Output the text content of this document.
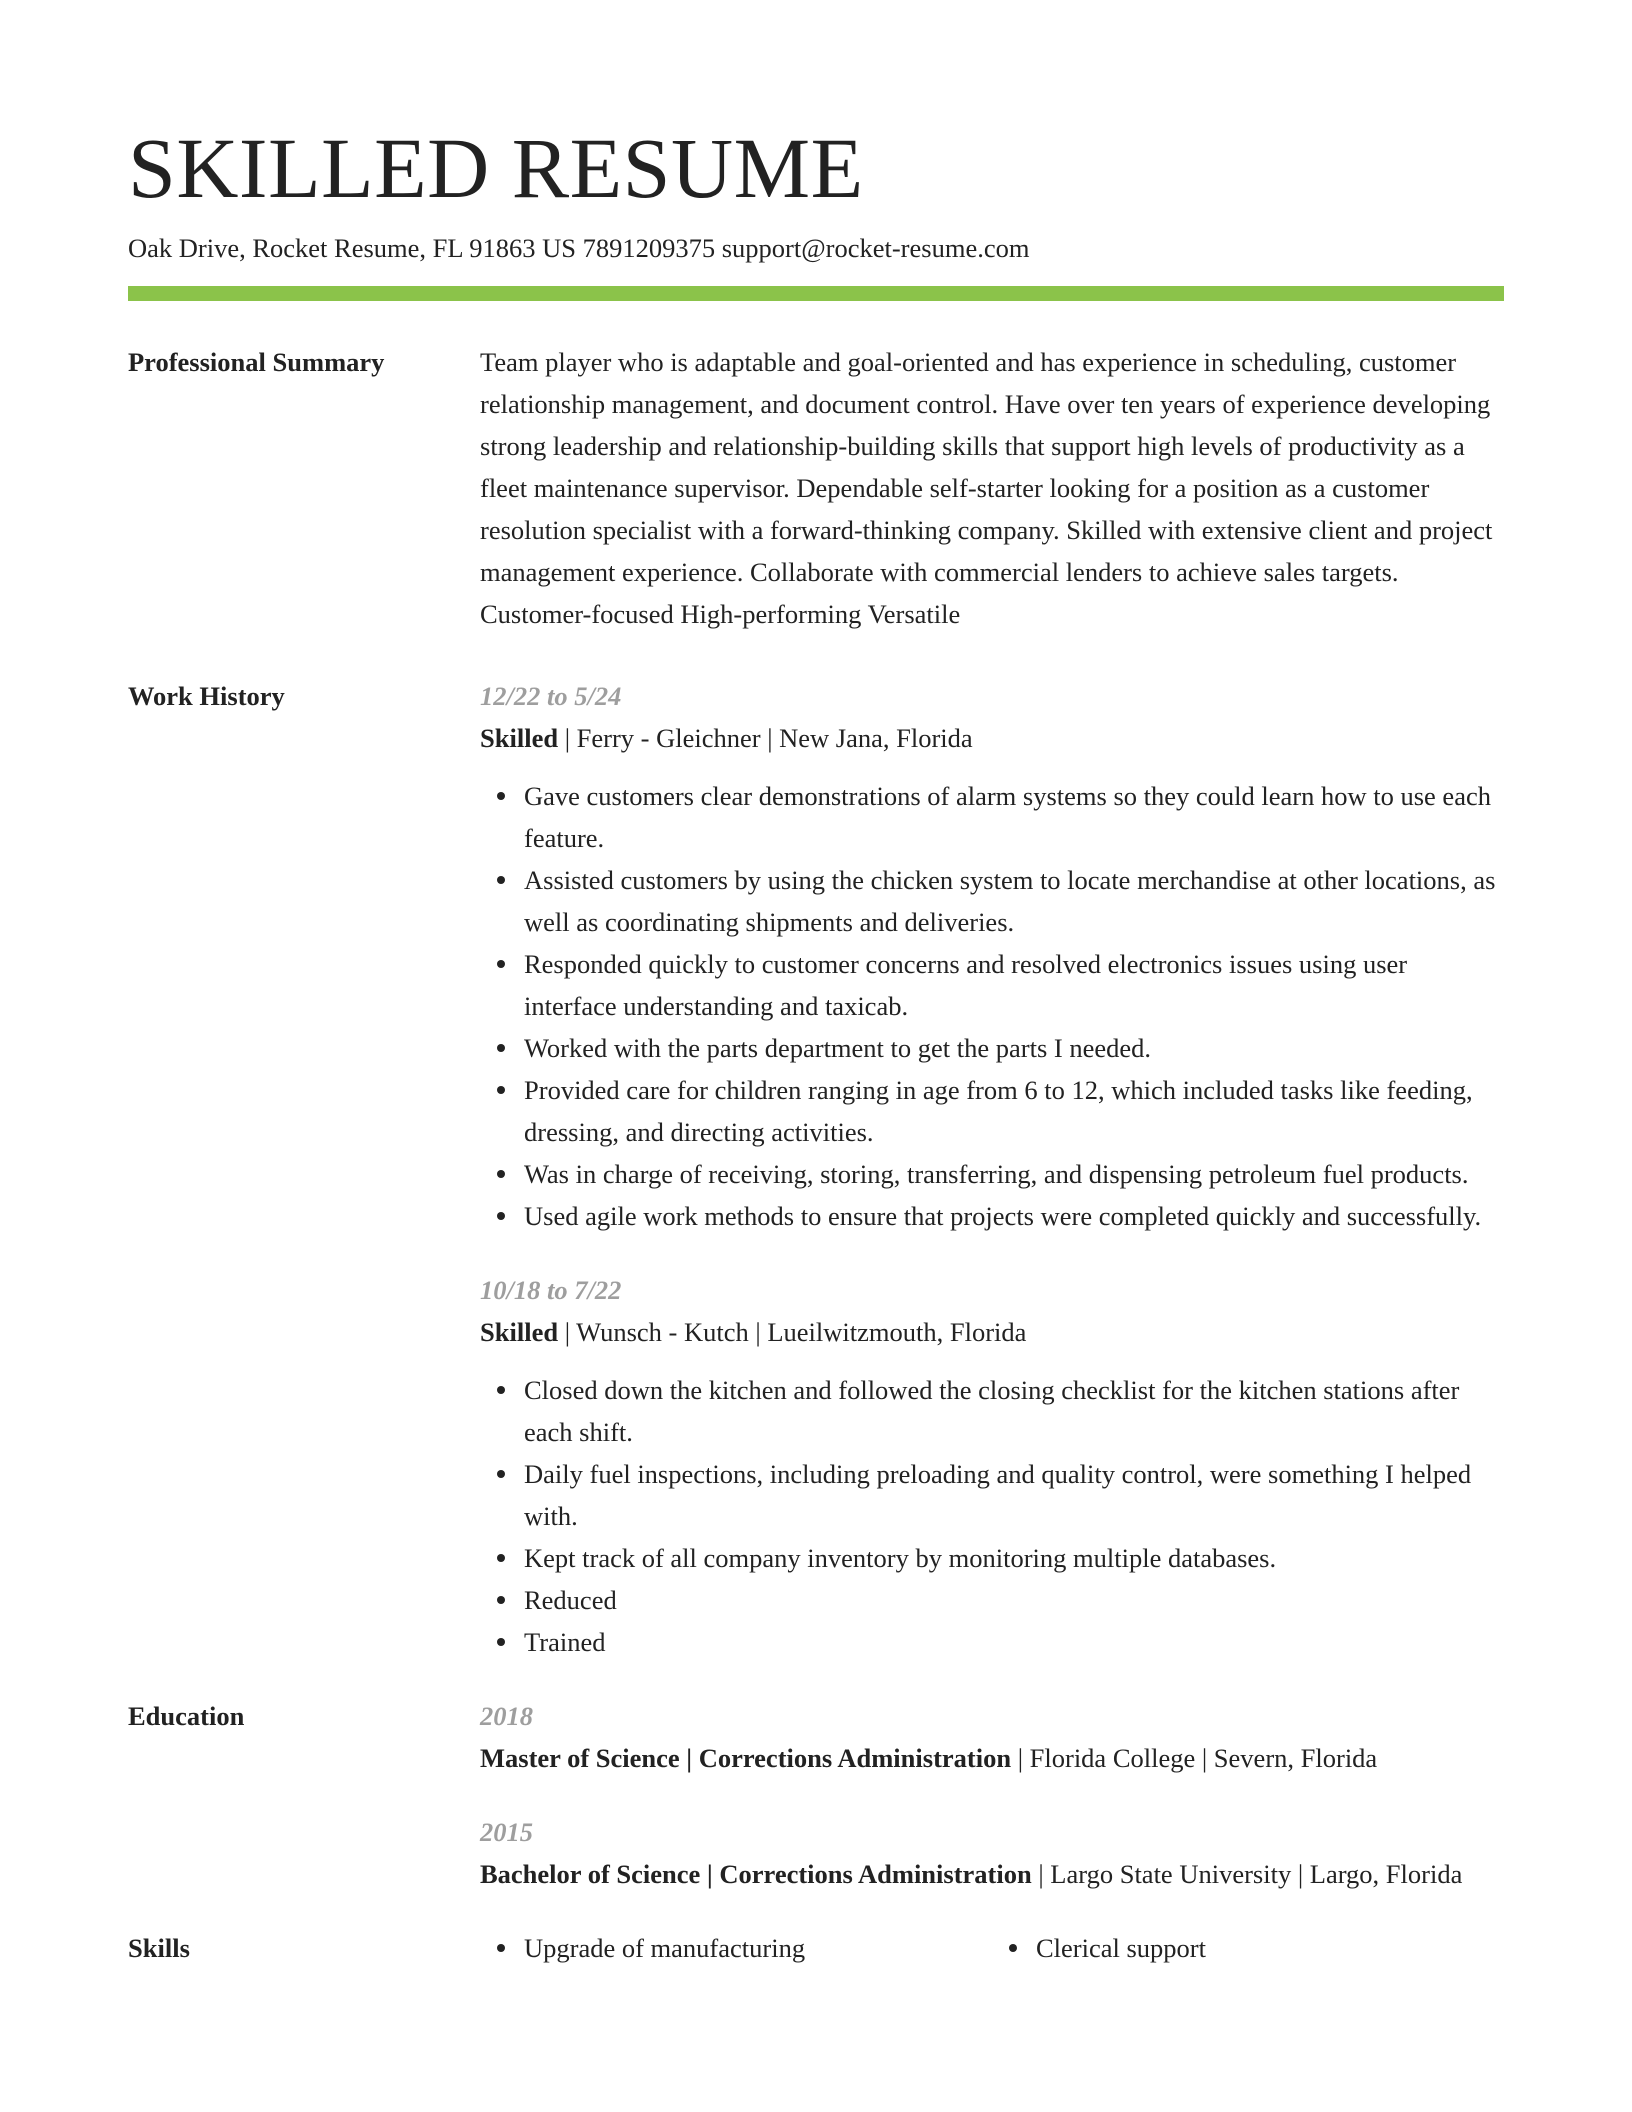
SKILLED RESUME
Oak Drive, Rocket Resume, FL 91863 US 7891209375 support@rocket-resume.com
Professional Summary	Team player who is adaptable and goal-oriented and has experience in scheduling, customer relationship management, and document control. Have over ten years of experience developing strong leadership and relationship-building skills that support high levels of productivity as a fleet maintenance supervisor. Dependable self-starter looking for a position as a customer resolution specialist with a forward-thinking company. Skilled with extensive client and project management experience. Collaborate with commercial lenders to achieve sales targets. Customer-focused High-performing Versatile

Work History	12/22 to 5/24
Skilled | Ferry - Gleichner | New Jana, Florida
Gave customers clear demonstrations of alarm systems so they could learn how to use each feature.
Assisted customers by using the chicken system to locate merchandise at other locations, as well as coordinating shipments and deliveries.
Responded quickly to customer concerns and resolved electronics issues using user interface understanding and taxicab.
Worked with the parts department to get the parts I needed.
Provided care for children ranging in age from 6 to 12, which included tasks like feeding, dressing, and directing activities.
Was in charge of receiving, storing, transferring, and dispensing petroleum fuel products.
Used agile work methods to ensure that projects were completed quickly and successfully.
10/18 to 7/22
Skilled | Wunsch - Kutch | Lueilwitzmouth, Florida
Closed down the kitchen and followed the closing checklist for the kitchen stations after each shift.
Daily fuel inspections, including preloading and quality control, were something I helped with.
Kept track of all company inventory by monitoring multiple databases.
Reduced
Trained
Education	2018
Master of Science | Corrections Administration | Florida College | Severn, Florida
2015
Bachelor of Science | Corrections Administration | Largo State University | Largo, Florida
Skills	Upgrade of manufacturing	Clerical support
